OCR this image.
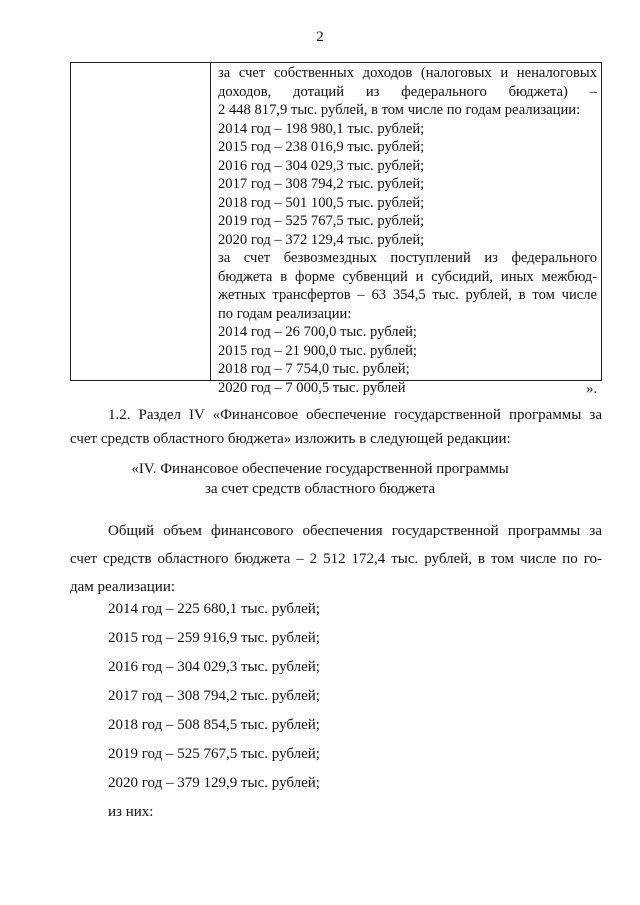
2
за счет собственных доходов (налоговых и неналоговых
доходов, дотаций из федерального бюджета) –
2 448 817,9 тыс. рублей, в том числе по годам реализации:
2014 год – 198 980,1 тыс. рублей;
2015 год – 238 016,9 тыс. рублей;
2016 год – 304 029,3 тыс. рублей;
2017 год – 308 794,2 тыс. рублей;
2018 год – 501 100,5 тыс. рублей;
2019 год – 525 767,5 тыс. рублей;
2020 год – 372 129,4 тыс. рублей;
за счет безвозмездных поступлений из федерального
бюджета в форме субвенций и субсидий, иных межбюд-
жетных трансфертов – 63 354,5 тыс. рублей, в том числе
по годам реализации:
2014 год – 26 700,0 тыс. рублей;
2015 год – 21 900,0 тыс. рублей;
2018 год – 7 754,0 тыс. рублей;
2020 год – 7 000,5 тыс. рублей	».
1.2. Раздел IV «Финансовое обеспечение государственной программы за
счет средств областного бюджета» изложить в следующей редакции:
«IV. Финансовое обеспечение государственной программы
за счет средств областного бюджета
Общий объем финансового обеспечения государственной программы за
счет средств областного бюджета – 2 512 172,4 тыс. рублей, в том числе по го-
дам реализации:
2014 год – 225 680,1 тыс. рублей;
2015 год – 259 916,9 тыс. рублей;
2016 год – 304 029,3 тыс. рублей;
2017 год – 308 794,2 тыс. рублей;
2018 год – 508 854,5 тыс. рублей;
2019 год – 525 767,5 тыс. рублей;
2020 год – 379 129,9 тыс. рублей;
из них:
